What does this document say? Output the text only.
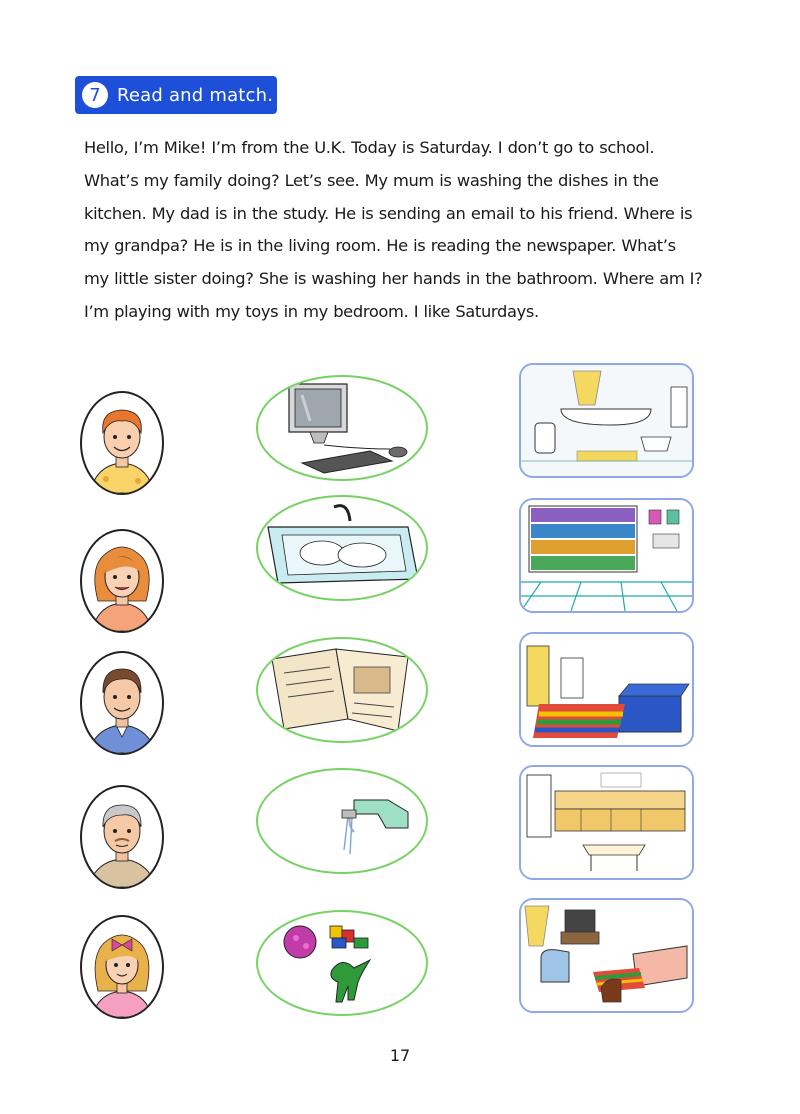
7 Read and match.
Hello, I’m Mike! I’m from the U.K. Today is Saturday. I don’t go to school.
What’s my family doing? Let’s see. My mum is washing the dishes in the
kitchen. My dad is in the study. He is sending an email to his friend. Where is
my grandpa? He is in the living room. He is reading the newspaper. What’s
my little sister doing? She is washing her hands in the bathroom. Where am I?
I’m playing with my toys in my bedroom. I like Saturdays.
17
